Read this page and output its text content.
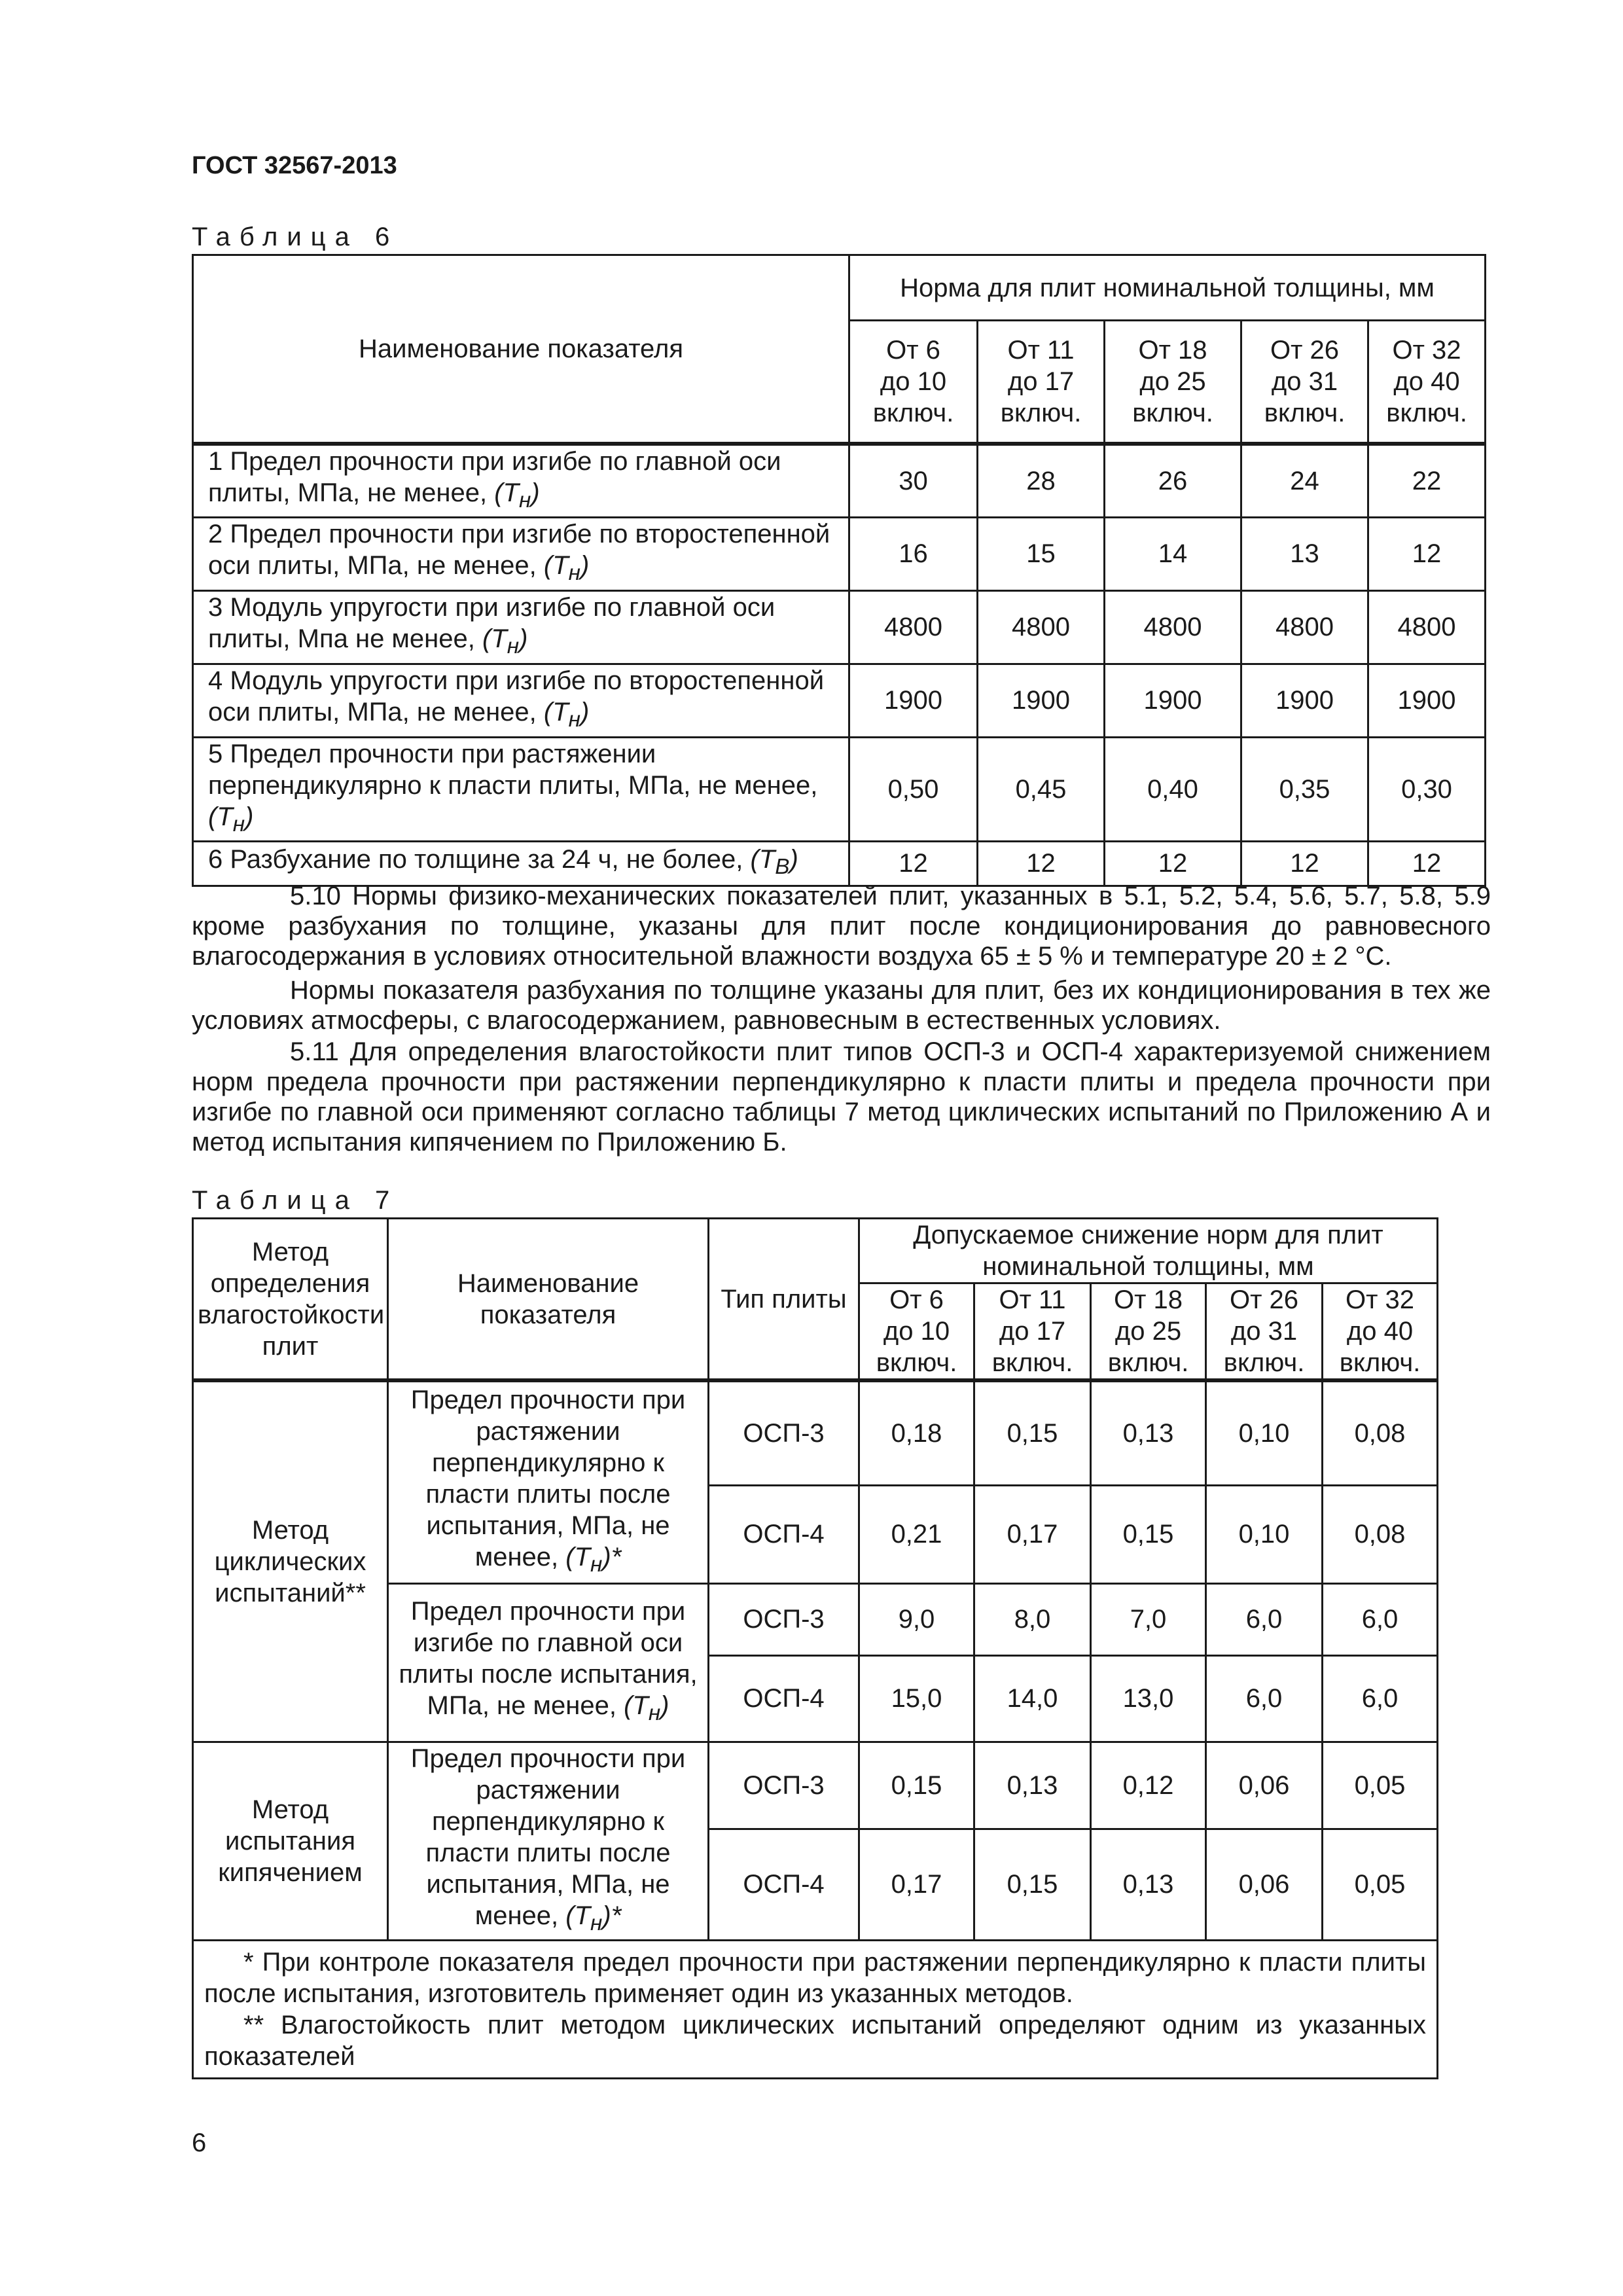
ГОСТ 32567-2013
Таблица 6
Наименование показателя	Норма для плит номинальной толщины, мм				
	От 6
до 10
включ.	От 11
до 17
включ.	От 18
до 25
включ.	От 26
до 31
включ.	От 32
до 40
включ.
1 Предел прочности при изгибе по главной оси плиты, МПа, не менее, $(Т_н)$	30	28	26	24	22
2 Предел прочности при изгибе по второстепенной оси плиты, МПа, не менее, $(Т_н)$	16	15	14	13	12
3 Модуль упругости при изгибе по главной оси плиты, Мпа не менее, $(Т_н)$	4800	4800	4800	4800	4800
4 Модуль упругости при изгибе по второстепенной оси плиты, МПа, не менее, $(Т_н)$	1900	1900	1900	1900	1900
5 Предел прочности при растяжении перпендикулярно к пласти плиты, МПа, не менее, $(Т_н)$	0,50	0,45	0,40	0,35	0,30
6 Разбухание по толщине за 24 ч, не более, $(Т_В)$	12	12	12	12	12
5.10 Нормы физико-механических показателей плит, указанных в 5.1, 5.2, 5.4, 5.6, 5.7, 5.8, 5.9 кроме разбухания по толщине, указаны для плит после кондиционирования до равновесного влагосодержания в условиях относительной влажности воздуха 65 ± 5 % и температуре 20 ± 2 °С.
Нормы показателя разбухания по толщине указаны для плит, без их кондиционирования в тех же условиях атмосферы, с влагосодержанием, равновесным в естественных условиях.
5.11 Для определения влагостойкости плит типов ОСП-3 и ОСП-4 характеризуемой снижением норм предела прочности при растяжении перпендикулярно к пласти плиты и предела прочности при изгибе по главной оси применяют согласно таблицы 7 метод циклических испытаний по Приложению А и метод испытания кипячением по Приложению Б.
Таблица 7
Метод определения влагостойкости плит	Наименование показателя	Тип плиты	Допускаемое снижение норм для плит номинальной толщины, мм				
			От 6
до 10
включ.	От 11
до 17
включ.	От 18
до 25
включ.	От 26
до 31
включ.	От 32
до 40
включ.
Метод циклических испытаний**	Предел прочности при растяжении перпендикулярно к пласти плиты после испытания, МПа, не менее, $(Т_н)*$	ОСП-3	0,18	0,15	0,13	0,10	0,08
		ОСП-4	0,21	0,17	0,15	0,10	0,08
	Предел прочности при изгибе по главной оси плиты после испытания, МПа, не менее, $(Т_н)$	ОСП-3	9,0	8,0	7,0	6,0	6,0
		ОСП-4	15,0	14,0	13,0	6,0	6,0
Метод испытания кипячением	Предел прочности при растяжении перпендикулярно к пласти плиты после испытания, МПа, не менее, $(Т_н)*$	ОСП-3	0,15	0,13	0,12	0,06	0,05
		ОСП-4	0,17	0,15	0,13	0,06	0,05

* При контроле показателя предел прочности при растяжении перпендикулярно к пласти плиты после испытания, изготовитель применяет один из указанных методов.

** Влагостойкость плит методом циклических испытаний определяют одним из указанных показателей							

6
